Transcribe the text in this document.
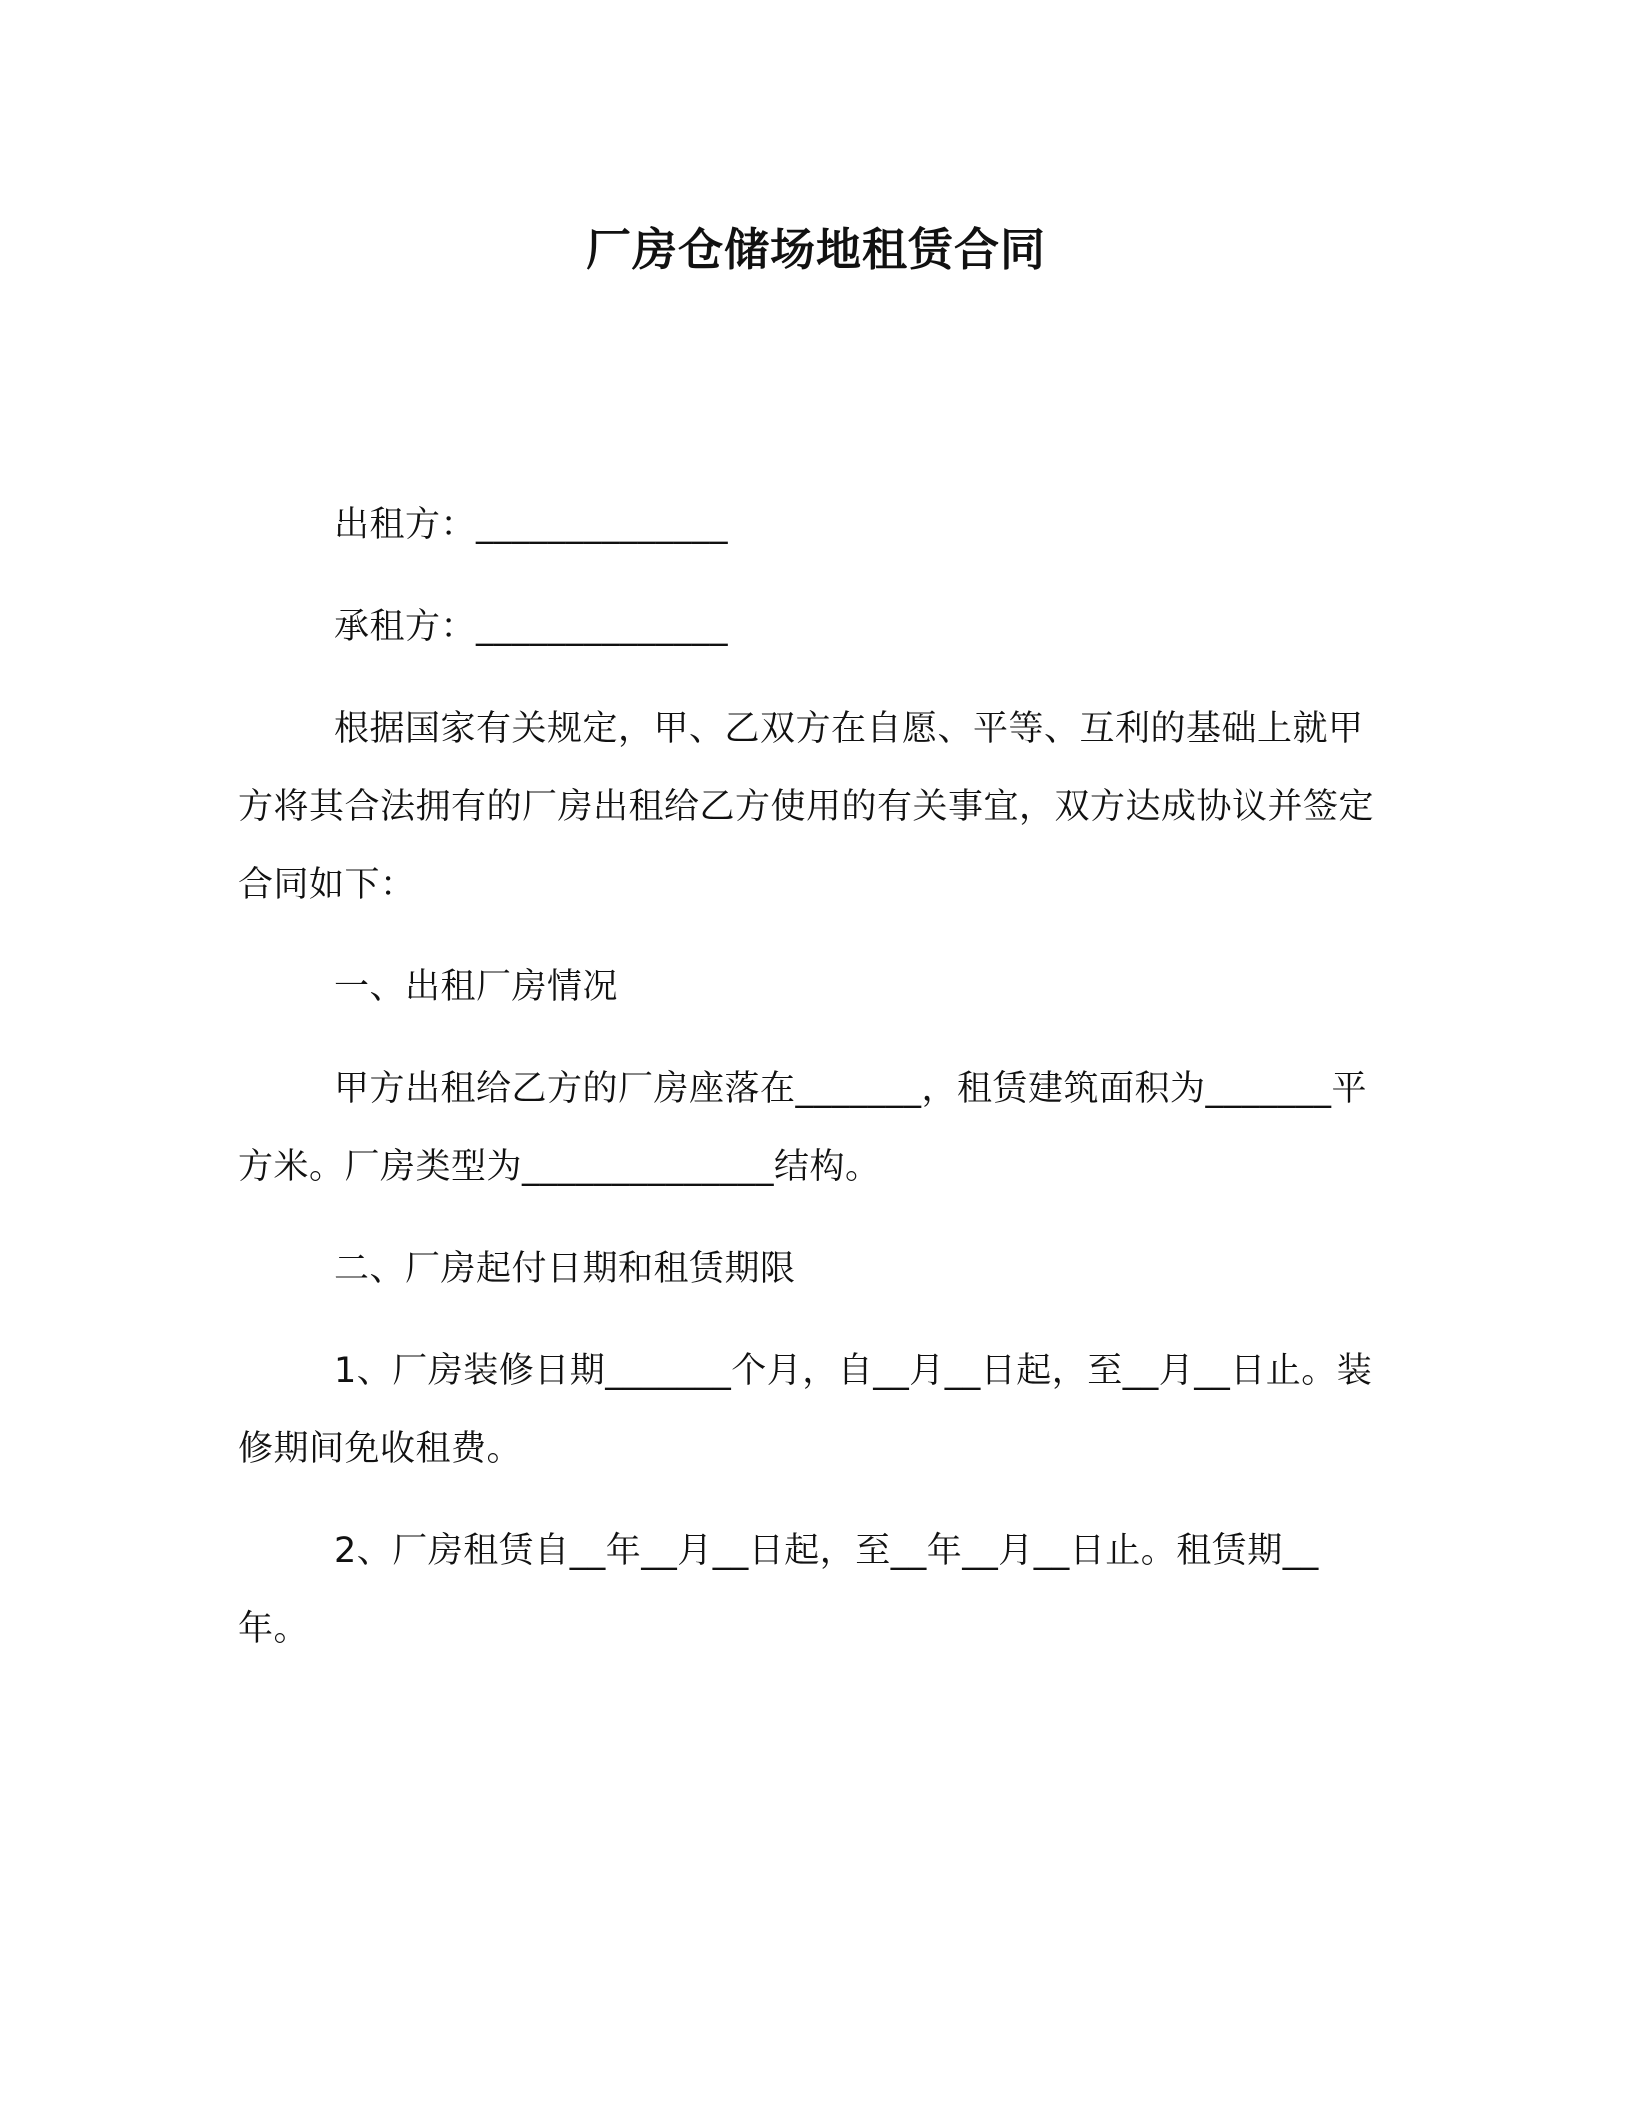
厂房仓储场地租赁合同

出租方：______________

承租方：______________

根据国家有关规定，甲、乙双方在自愿、平等、互利的基础上就甲方将其合法拥有的厂房出租给乙方使用的有关事宜，双方达成协议并签定合同如下：

一、出租厂房情况

甲方出租给乙方的厂房座落在_______，租赁建筑面积为_______平方米。厂房类型为______________结构。

二、厂房起付日期和租赁期限

1、厂房装修日期_______个月，自__月__日起，至__月__日止。装修期间免收租费。

2、厂房租赁自__年__月__日起，至__年__月__日止。租赁期__年。
